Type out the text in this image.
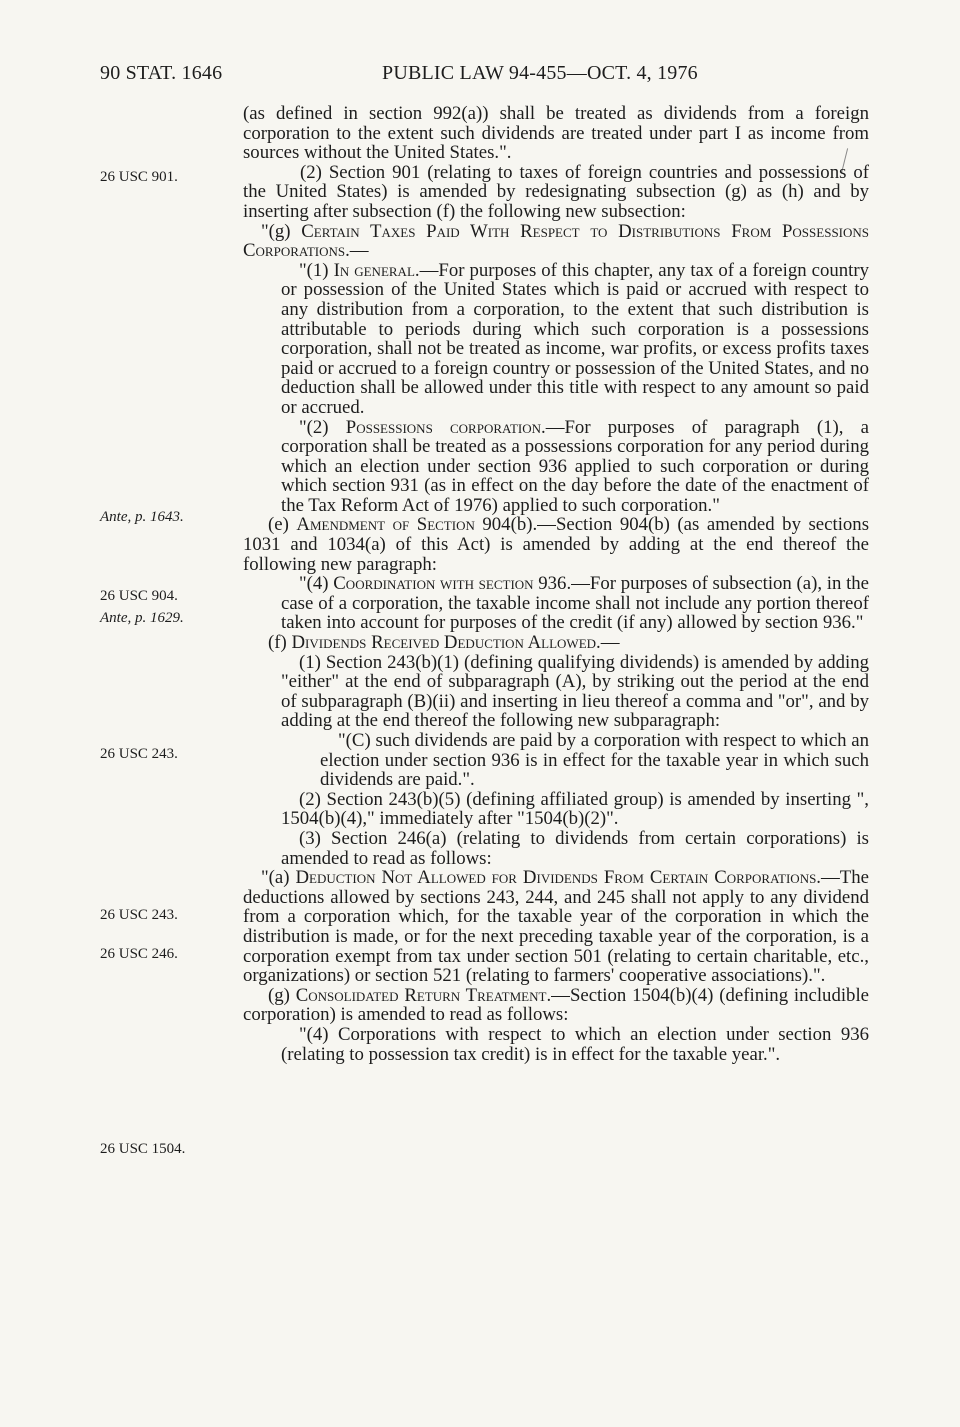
90 STAT. 1646	PUBLIC LAW 94-455—OCT. 4, 1976
26 USC 901.
Ante, p. 1643.
26 USC 904.
Ante, p. 1629.
26 USC 243.
26 USC 243.
26 USC 246.
26 USC 1504.

(as defined in section 992(a)) shall be treated as dividends from a foreign corporation to the extent such dividends are treated under part I as income from sources without the United States.".

(2) Section 901 (relating to taxes of foreign countries and possessions of the United States) is amended by redesignating subsection (g) as (h) and by inserting after subsection (f) the following new subsection:

"(g) Certain Taxes Paid With Respect to Distributions From Possessions Corporations.—

"(1) In general.—For purposes of this chapter, any tax of a foreign country or possession of the United States which is paid or accrued with respect to any distribution from a corporation, to the extent that such distribution is attributable to periods during which such corporation is a possessions corporation, shall not be treated as income, war profits, or excess profits taxes paid or accrued to a foreign country or possession of the United States, and no deduction shall be allowed under this title with respect to any amount so paid or accrued.

"(2) Possessions corporation.—For purposes of paragraph (1), a corporation shall be treated as a possessions corporation for any period during which an election under section 936 applied to such corporation or during which section 931 (as in effect on the day before the date of the enactment of the Tax Reform Act of 1976) applied to such corporation."

(e) Amendment of Section 904(b).—Section 904(b) (as amended by sections 1031 and 1034(a) of this Act) is amended by adding at the end thereof the following new paragraph:

"(4) Coordination with section 936.—For purposes of subsection (a), in the case of a corporation, the taxable income shall not include any portion thereof taken into account for purposes of the credit (if any) allowed by section 936."

(f) Dividends Received Deduction Allowed.—

(1) Section 243(b)(1) (defining qualifying dividends) is amended by adding "either" at the end of subparagraph (A), by striking out the period at the end of subparagraph (B)(ii) and inserting in lieu thereof a comma and "or", and by adding at the end thereof the following new subparagraph:

"(C) such dividends are paid by a corporation with respect to which an election under section 936 is in effect for the taxable year in which such dividends are paid.".

(2) Section 243(b)(5) (defining affiliated group) is amended by inserting ", 1504(b)(4)," immediately after "1504(b)(2)".

(3) Section 246(a) (relating to dividends from certain corporations) is amended to read as follows:

"(a) Deduction Not Allowed for Dividends From Certain Corporations.—The deductions allowed by sections 243, 244, and 245 shall not apply to any dividend from a corporation which, for the taxable year of the corporation in which the distribution is made, or for the next preceding taxable year of the corporation, is a corporation exempt from tax under section 501 (relating to certain charitable, etc., organizations) or section 521 (relating to farmers' cooperative associations).".

(g) Consolidated Return Treatment.—Section 1504(b)(4) (defining includible corporation) is amended to read as follows:

"(4) Corporations with respect to which an election under section 936 (relating to possession tax credit) is in effect for the taxable year.".
